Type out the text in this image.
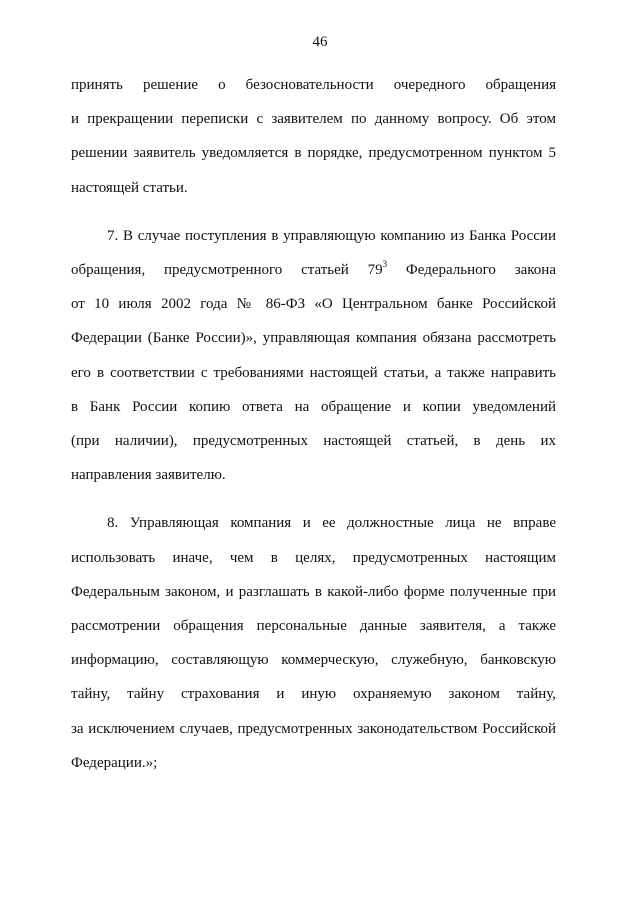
46
принять решение о безосновательности очередного обращения
и прекращении переписки с заявителем по данному вопросу. Об этом
решении заявитель уведомляется в порядке, предусмотренном пунктом 5
настоящей статьи.
7. В случае поступления в управляющую компанию из Банка России
обращения, предусмотренного статьей $79^3$ Федерального закона
от 10 июля 2002 года № 86-ФЗ «О Центральном банке Российской
Федерации (Банке России)», управляющая компания обязана рассмотреть
его в соответствии с требованиями настоящей статьи, а также направить
в Банк России копию ответа на обращение и копии уведомлений
(при наличии), предусмотренных настоящей статьей, в день их
направления заявителю.
8. Управляющая компания и ее должностные лица не вправе
использовать иначе, чем в целях, предусмотренных настоящим
Федеральным законом, и разглашать в какой-либо форме полученные при
рассмотрении обращения персональные данные заявителя, а также
информацию, составляющую коммерческую, служебную, банковскую
тайну, тайну страхования и иную охраняемую законом тайну,
за исключением случаев, предусмотренных законодательством Российской
Федерации.»;
